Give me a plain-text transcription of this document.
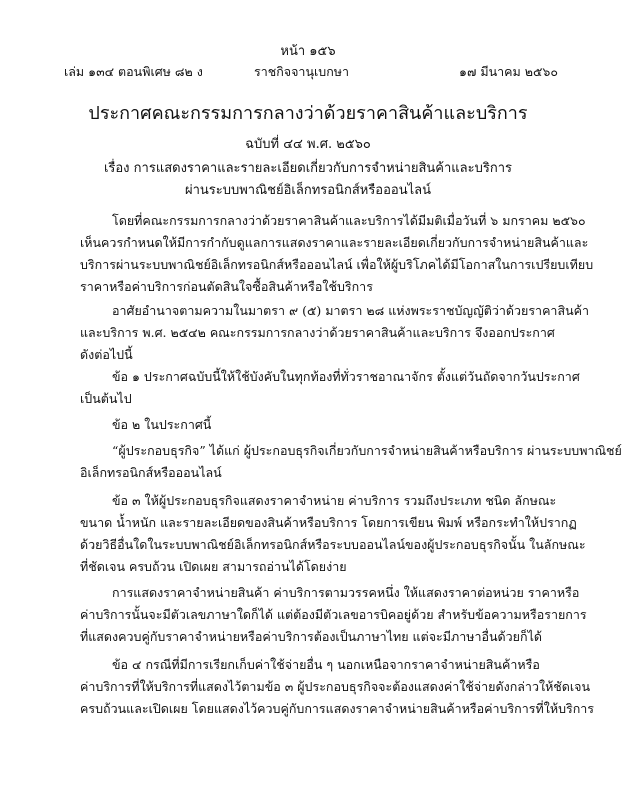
หน้า ๑๕๖
เล่ม ๑๓๔ ตอนพิเศษ ๘๒ ง	ราชกิจจานุเบกษา	๑๗ มีนาคม ๒๕๖๐
ประกาศคณะกรรมการกลางว่าด้วยราคาสินค้าและบริการ
ฉบับที่ ๔๔ พ.ศ. ๒๕๖๐
เรื่อง การแสดงราคาและรายละเอียดเกี่ยวกับการจำหน่ายสินค้าและบริการ
ผ่านระบบพาณิชย์อิเล็กทรอนิกส์หรือออนไลน์
โดยที่คณะกรรมการกลางว่าด้วยราคาสินค้าและบริการได้มีมติเมื่อวันที่ ๖ มกราคม ๒๕๖๐
เห็นควรกำหนดให้มีการกำกับดูแลการแสดงราคาและรายละเอียดเกี่ยวกับการจำหน่ายสินค้าและ
บริการผ่านระบบพาณิชย์อิเล็กทรอนิกส์หรือออนไลน์ เพื่อให้ผู้บริโภคได้มีโอกาสในการเปรียบเทียบ
ราคาหรือค่าบริการก่อนตัดสินใจซื้อสินค้าหรือใช้บริการ
อาศัยอำนาจตามความในมาตรา ๙ (๕) มาตรา ๒๘ แห่งพระราชบัญญัติว่าด้วยราคาสินค้า
และบริการ พ.ศ. ๒๕๔๒ คณะกรรมการกลางว่าด้วยราคาสินค้าและบริการ จึงออกประกาศ
ดังต่อไปนี้
ข้อ ๑ ประกาศฉบับนี้ให้ใช้บังคับในทุกท้องที่ทั่วราชอาณาจักร ตั้งแต่วันถัดจากวันประกาศ
เป็นต้นไป
ข้อ ๒ ในประกาศนี้
“ผู้ประกอบธุรกิจ” ได้แก่ ผู้ประกอบธุรกิจเกี่ยวกับการจำหน่ายสินค้าหรือบริการ ผ่านระบบพาณิชย์
อิเล็กทรอนิกส์หรือออนไลน์
ข้อ ๓ ให้ผู้ประกอบธุรกิจแสดงราคาจำหน่าย ค่าบริการ รวมถึงประเภท ชนิด ลักษณะ
ขนาด น้ำหนัก และรายละเอียดของสินค้าหรือบริการ โดยการเขียน พิมพ์ หรือกระทำให้ปรากฏ
ด้วยวิธีอื่นใดในระบบพาณิชย์อิเล็กทรอนิกส์หรือระบบออนไลน์ของผู้ประกอบธุรกิจนั้น ในลักษณะ
ที่ชัดเจน ครบถ้วน เปิดเผย สามารถอ่านได้โดยง่าย
การแสดงราคาจำหน่ายสินค้า ค่าบริการตามวรรคหนึ่ง ให้แสดงราคาต่อหน่วย ราคาหรือ
ค่าบริการนั้นจะมีตัวเลขภาษาใดก็ได้ แต่ต้องมีตัวเลขอารบิคอยู่ด้วย สำหรับข้อความหรือรายการ
ที่แสดงควบคู่กับราคาจำหน่ายหรือค่าบริการต้องเป็นภาษาไทย แต่จะมีภาษาอื่นด้วยก็ได้
ข้อ ๔ กรณีที่มีการเรียกเก็บค่าใช้จ่ายอื่น ๆ นอกเหนือจากราคาจำหน่ายสินค้าหรือ
ค่าบริการที่ให้บริการที่แสดงไว้ตามข้อ ๓ ผู้ประกอบธุรกิจจะต้องแสดงค่าใช้จ่ายดังกล่าวให้ชัดเจน
ครบถ้วนและเปิดเผย โดยแสดงไว้ควบคู่กับการแสดงราคาจำหน่ายสินค้าหรือค่าบริการที่ให้บริการ
